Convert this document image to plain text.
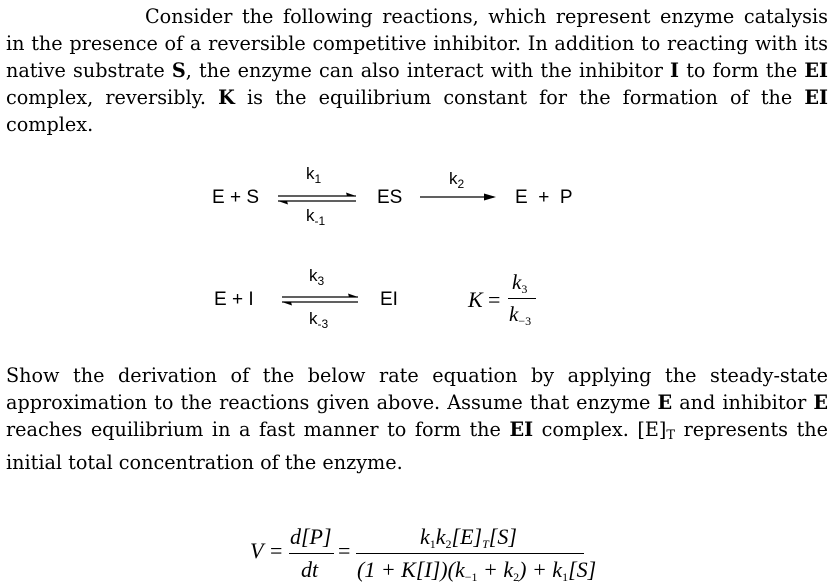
Consider the following reactions, which represent enzyme catalysis in the presence of a reversible competitive inhibitor. In addition to reacting with its native substrate S, the enzyme can also interact with the inhibitor I to form the EI complex, reversibly. K is the equilibrium constant for the formation of the EI complex.

E + S
$k_1$
$k_{-1}$
ES
$k_2$
E  +  P
E + I
$k_3$
$k_{-3}$
EI	K =
$k_3$
$k_{-3}$

Show the derivation of the below rate equation by applying the steady-state approximation to the reactions given above. Assume that enzyme E and inhibitor E reaches equilibrium in a fast manner to form the EI complex. $[E]_T$ represents the initial total concentration of the enzyme.

V =
d[P]
dt
=
$k_1k_2[E]_T[S]$
$(1 + K[I])(k_{-1} + k_2) + k_1[S]$
